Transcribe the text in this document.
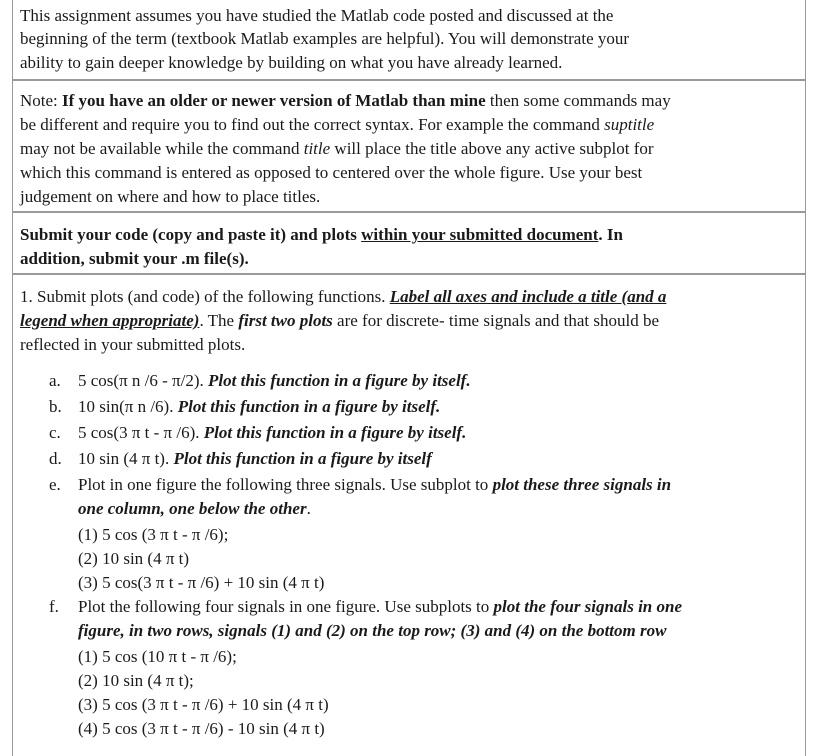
This assignment assumes you have studied the Matlab code posted and discussed at the
beginning of the term (textbook Matlab examples are helpful). You will demonstrate your
ability to gain deeper knowledge by building on what you have already learned.
Note: If you have an older or newer version of Matlab than mine then some commands may
be different and require you to find out the correct syntax. For example the command suptitle
may not be available while the command title will place the title above any active subplot for
which this command is entered as opposed to centered over the whole figure. Use your best
judgement on where and how to place titles.
Submit your code (copy and paste it) and plots within your submitted document. In
addition, submit your .m file(s).
1. Submit plots (and code) of the following functions. Label all axes and include a title (and a
legend when appropriate). The first two plots are for discrete- time signals and that should be
reflected in your submitted plots.
a. 5 cos(π n /6 - π/2). Plot this function in a figure by itself.
b. 10 sin(π n /6). Plot this function in a figure by itself.
c. 5 cos(3 π t - π /6). Plot this function in a figure by itself.
d. 10 sin (4 π t). Plot this function in a figure by itself
e. Plot in one figure the following three signals. Use subplot to plot these three signals in
one column, one below the other.
(1) 5 cos (3 π t - π /6);
(2) 10 sin (4 π t)
(3) 5 cos(3 π t - π /6) + 10 sin (4 π t)
f. Plot the following four signals in one figure. Use subplots to plot the four signals in one
figure, in two rows, signals (1) and (2) on the top row; (3) and (4) on the bottom row
(1) 5 cos (10 π t - π /6);
(2) 10 sin (4 π t);
(3) 5 cos (3 π t - π /6) + 10 sin (4 π t)
(4) 5 cos (3 π t - π /6) - 10 sin (4 π t)
